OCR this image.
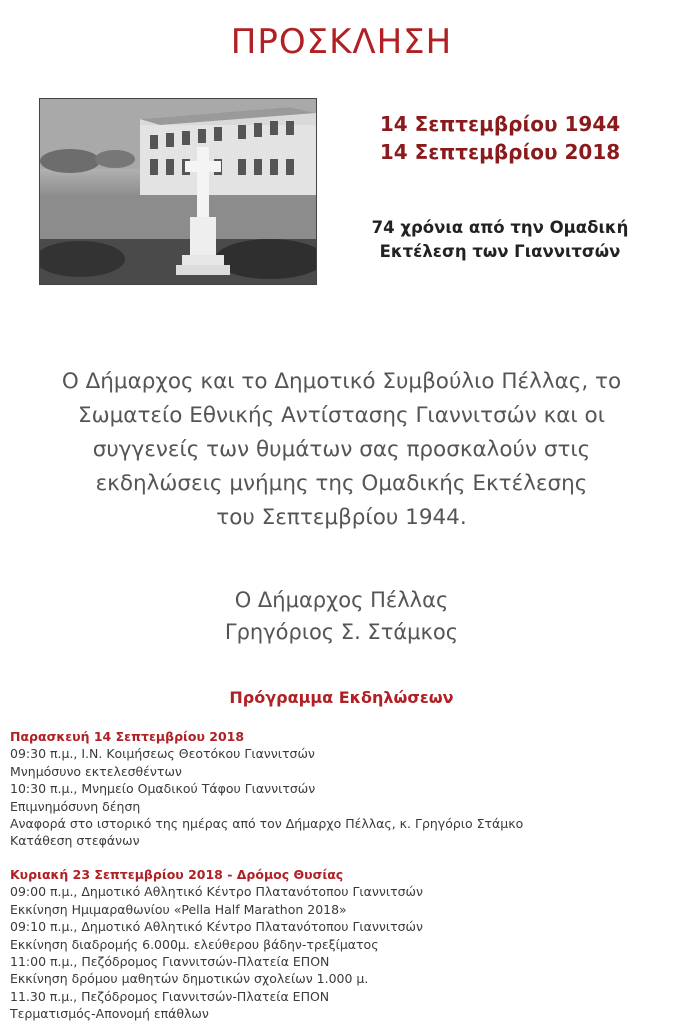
ΠΡΟΣΚΛΗΣΗ
14 Σεπτεμβρίου 1944
14 Σεπτεμβρίου 2018
74 χρόνια από την Ομαδική
Εκτέλεση των Γιαννιτσών
Ο Δήμαρχος και το Δημοτικό Συμβούλιο Πέλλας, το
Σωματείο Εθνικής Αντίστασης Γιαννιτσών και οι
συγγενείς των θυμάτων σας προσκαλούν στις
εκδηλώσεις μνήμης της Ομαδικής Εκτέλεσης
του Σεπτεμβρίου 1944.
Ο Δήμαρχος Πέλλας
Γρηγόριος Σ. Στάμκος
Πρόγραμμα Εκδηλώσεων
Παρασκευή 14 Σεπτεμβρίου 2018
09:30 π.μ., Ι.Ν. Κοιμήσεως Θεοτόκου Γιαννιτσών
Μνημόσυνο εκτελεσθέντων
10:30 π.μ., Μνημείο Ομαδικού Τάφου Γιαννιτσών
Επιμνημόσυνη δέηση
Αναφορά στο ιστορικό της ημέρας από τον Δήμαρχο Πέλλας, κ. Γρηγόριο Στάμκο
Κατάθεση στεφάνων
Κυριακή 23 Σεπτεμβρίου 2018 - Δρόμος Θυσίας
09:00 π.μ., Δημοτικό Αθλητικό Κέντρο Πλατανότοπου Γιαννιτσών
Εκκίνηση Ημιμαραθωνίου «Pella Half Marathon 2018»
09:10 π.μ., Δημοτικό Αθλητικό Κέντρο Πλατανότοπου Γιαννιτσών
Εκκίνηση διαδρομής 6.000μ. ελεύθερου βάδην-τρεξίματος
11:00 π.μ., Πεζόδρομος Γιαννιτσών-Πλατεία ΕΠΟΝ
Εκκίνηση δρόμου μαθητών δημοτικών σχολείων 1.000 μ.
11.30 π.μ., Πεζόδρομος Γιαννιτσών-Πλατεία ΕΠΟΝ
Τερματισμός-Απονομή επάθλων
